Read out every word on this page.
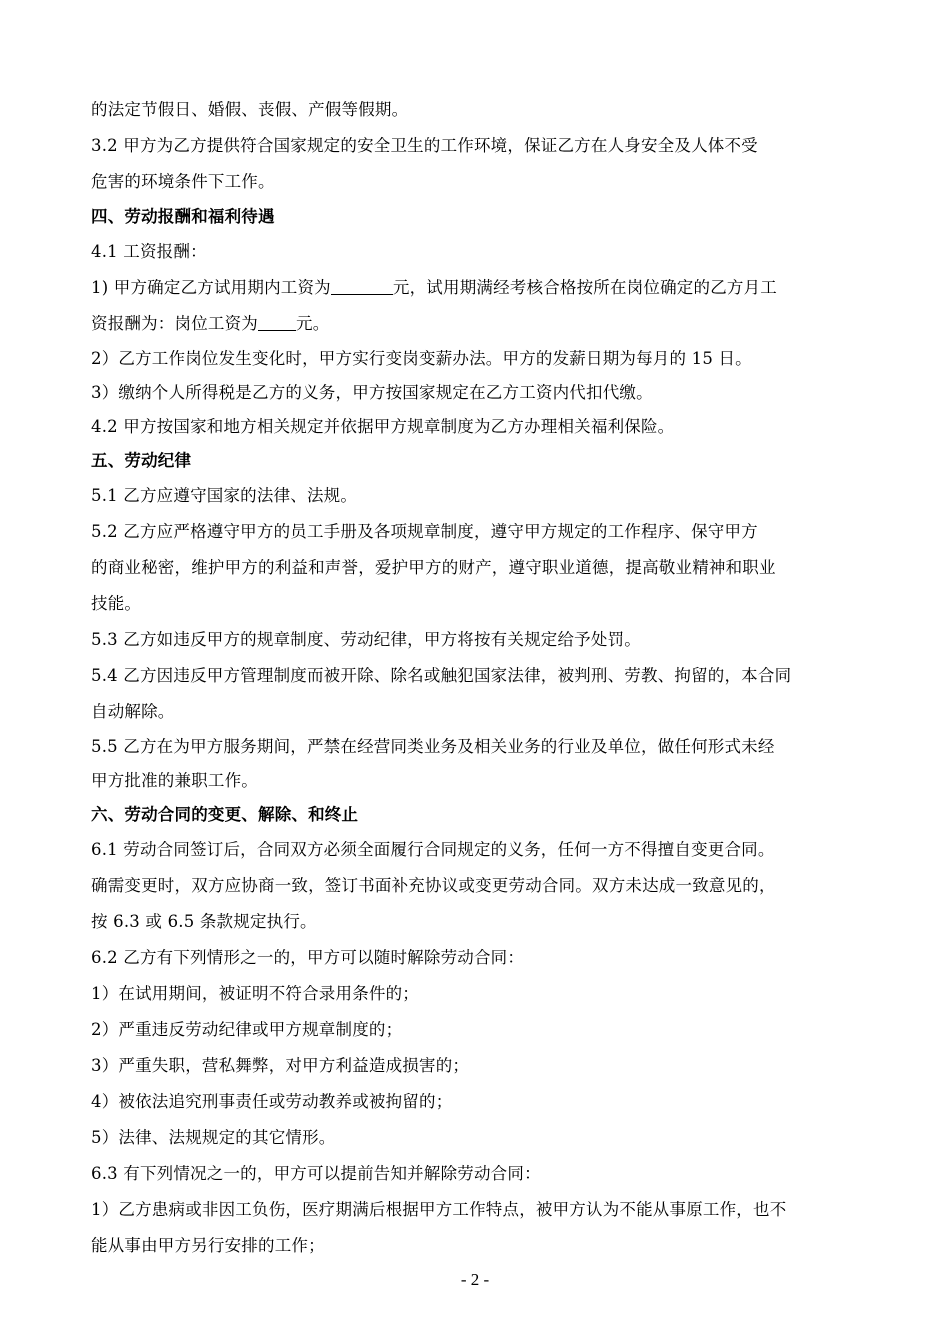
的法定节假日、婚假、丧假、产假等假期。
3.2 甲方为乙方提供符合国家规定的安全卫生的工作环境，保证乙方在人身安全及人体不受
危害的环境条件下工作。
四、劳动报酬和福利待遇
4.1 工资报酬：
1) 甲方确定乙方试用期内工资为	元，试用期满经考核合格按所在岗位确定的乙方月工
资报酬为：岗位工资为 元。
2）乙方工作岗位发生变化时，甲方实行变岗变薪办法。甲方的发薪日期为每月的 15 日。
3）缴纳个人所得税是乙方的义务，甲方按国家规定在乙方工资内代扣代缴。
4.2 甲方按国家和地方相关规定并依据甲方规章制度为乙方办理相关福利保险。
五、劳动纪律
5.1 乙方应遵守国家的法律、法规。
5.2 乙方应严格遵守甲方的员工手册及各项规章制度，遵守甲方规定的工作程序、保守甲方
的商业秘密，维护甲方的利益和声誉，爱护甲方的财产，遵守职业道德，提高敬业精神和职业
技能。
5.3 乙方如违反甲方的规章制度、劳动纪律，甲方将按有关规定给予处罚。
5.4 乙方因违反甲方管理制度而被开除、除名或触犯国家法律，被判刑、劳教、拘留的，本合同
自动解除。
5.5 乙方在为甲方服务期间，严禁在经营同类业务及相关业务的行业及单位，做任何形式未经
甲方批准的兼职工作。
六、劳动合同的变更、解除、和终止
6.1 劳动合同签订后，合同双方必须全面履行合同规定的义务，任何一方不得擅自变更合同。
确需变更时，双方应协商一致，签订书面补充协议或变更劳动合同。双方未达成一致意见的，
按 6.3 或 6.5 条款规定执行。
6.2 乙方有下列情形之一的，甲方可以随时解除劳动合同：
1）在试用期间，被证明不符合录用条件的；
2）严重违反劳动纪律或甲方规章制度的；
3）严重失职，营私舞弊，对甲方利益造成损害的；
4）被依法追究刑事责任或劳动教养或被拘留的；
5）法律、法规规定的其它情形。
6.3 有下列情况之一的，甲方可以提前告知并解除劳动合同：
1）乙方患病或非因工负伤，医疗期满后根据甲方工作特点，被甲方认为不能从事原工作，也不
能从事由甲方另行安排的工作；
- 2 -
